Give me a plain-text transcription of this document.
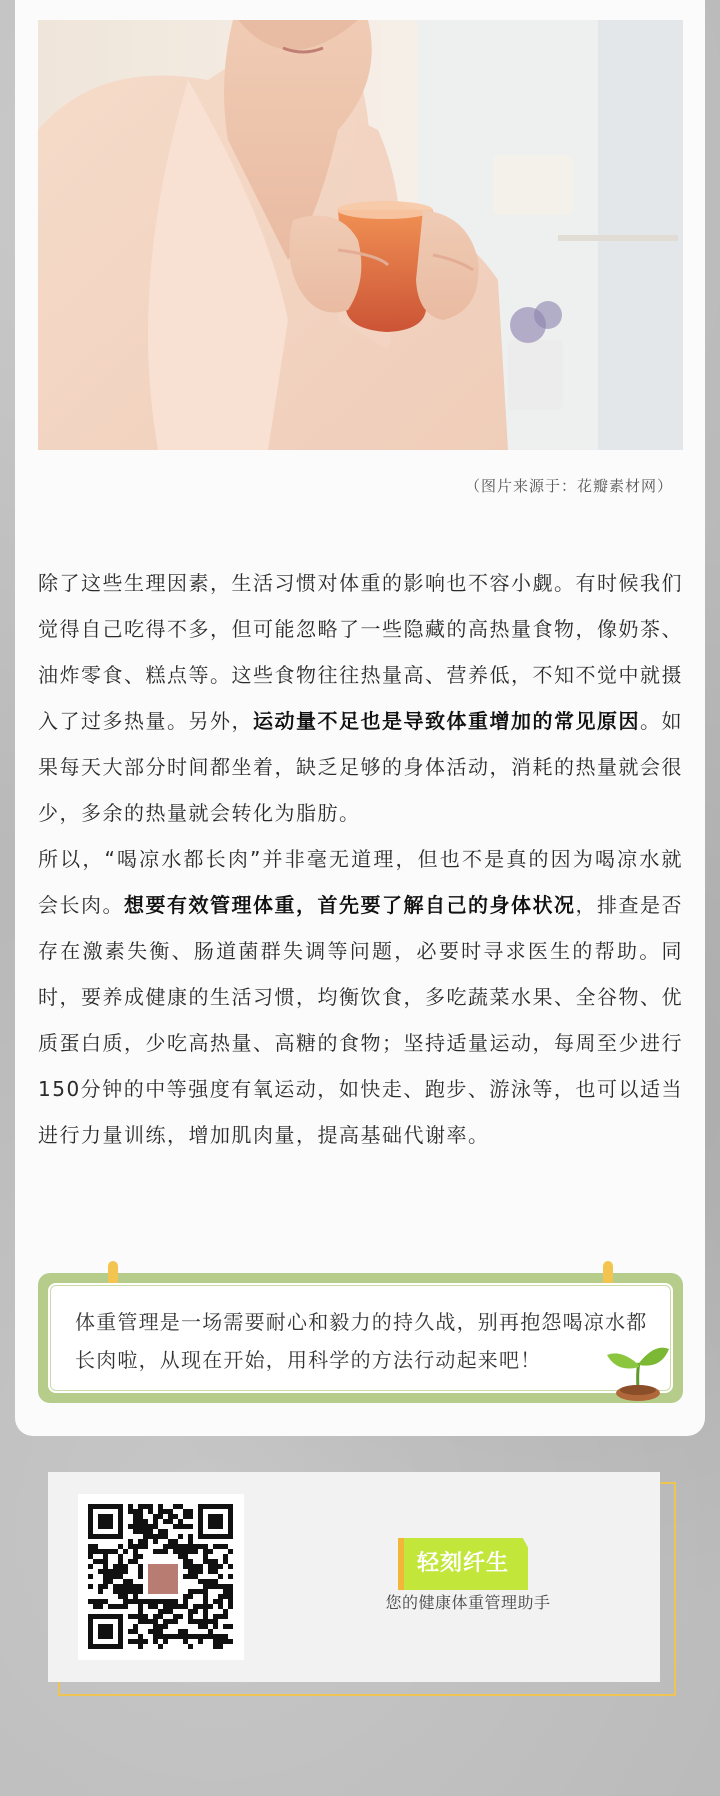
（图片来源于：花瓣素材网）

除了这些生理因素，生活习惯对体重的影响也不容小觑。有时候我们觉得自己吃得不多，但可能忽略了一些隐藏的高热量食物，像奶茶、油炸零食、糕点等。这些食物往往热量高、营养低，不知不觉中就摄入了过多热量。另外，运动量不足也是导致体重增加的常见原因。如果每天大部分时间都坐着，缺乏足够的身体活动，消耗的热量就会很少，多余的热量就会转化为脂肪。

所以，“喝凉水都长肉”并非毫无道理，但也不是真的因为喝凉水就会长肉。想要有效管理体重，首先要了解自己的身体状况，排查是否存在激素失衡、肠道菌群失调等问题，必要时寻求医生的帮助。同时，要养成健康的生活习惯，均衡饮食，多吃蔬菜水果、全谷物、优质蛋白质，少吃高热量、高糖的食物；坚持适量运动，每周至少进行150分钟的中等强度有氧运动，如快走、跑步、游泳等，也可以适当进行力量训练，增加肌肉量，提高基础代谢率。

体重管理是一场需要耐心和毅力的持久战，别再抱怨喝凉水都长肉啦，从现在开始，用科学的方法行动起来吧！
轻刻纤生
您的健康体重管理助手
